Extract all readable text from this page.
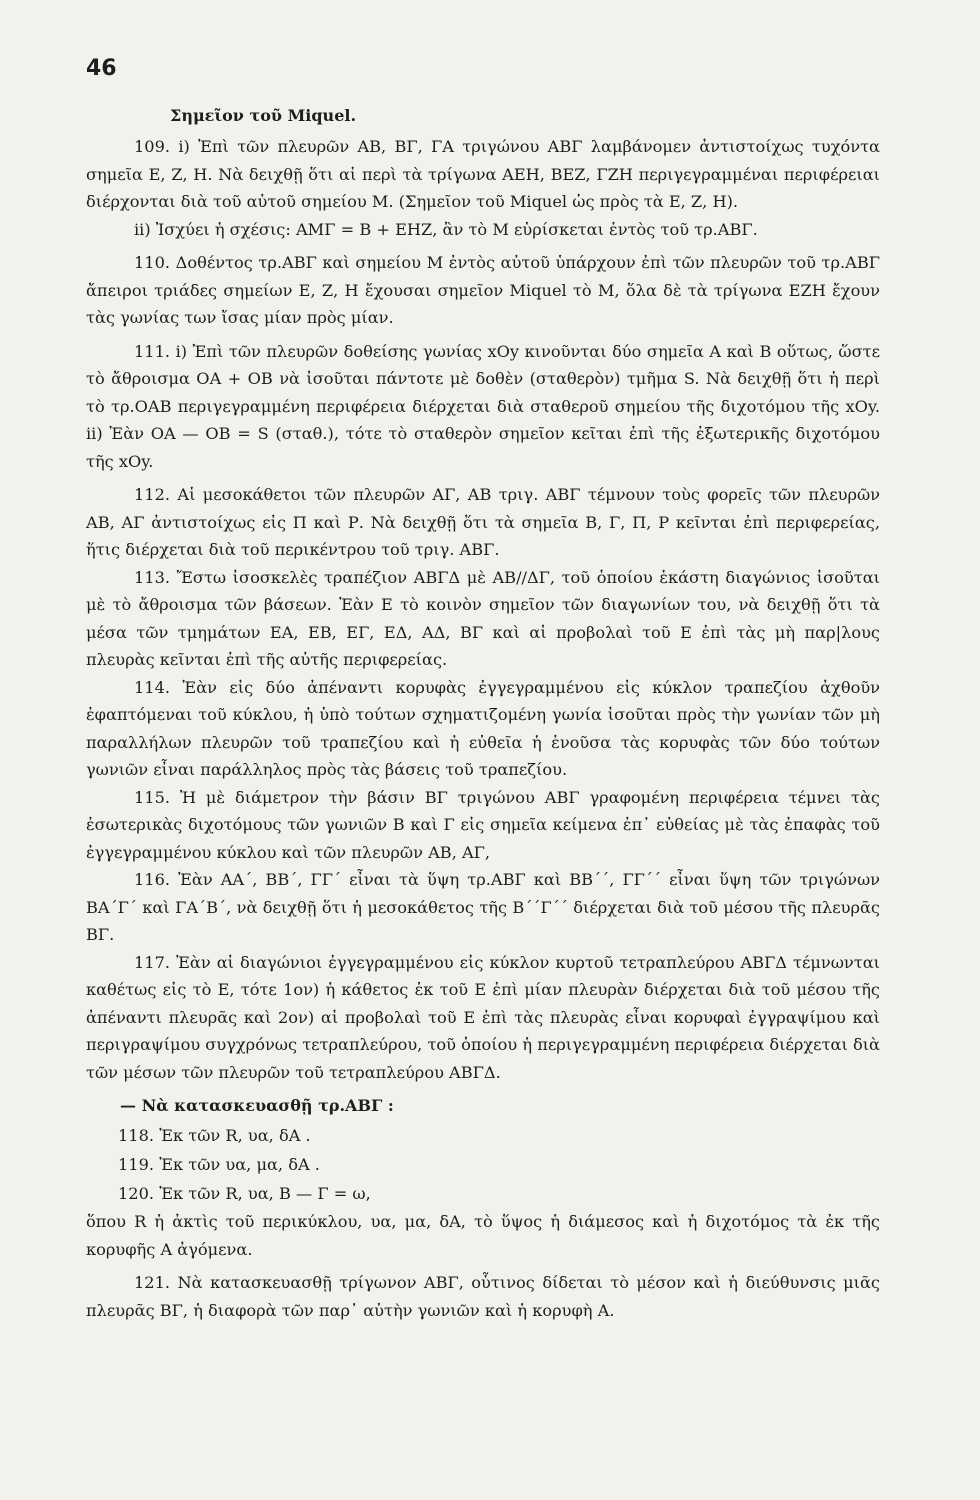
46
Σημεῖον τοῦ Miquel.

109. i) Ἐπὶ τῶν πλευρῶν ΑΒ, ΒΓ, ΓΑ τριγώνου ΑΒΓ λαμβάνομεν ἀντιστοίχως τυχόντα σημεῖα Ε, Ζ, Η. Νὰ δειχθῇ ὅτι αἱ περὶ τὰ τρίγωνα ΑΕΗ, ΒΕΖ, ΓΖΗ περιγεγραμμέναι περιφέρειαι διέρχονται διὰ τοῦ αὐτοῦ σημείου Μ. (Σημεῖον τοῦ Miquel ὡς πρὸς τὰ Ε, Ζ, Η).

ii) Ἰσχύει ἡ σχέσις: ΑΜΓ = Β + ΕΗΖ, ἂν τὸ Μ εὑρίσκεται ἐντὸς τοῦ τρ.ΑΒΓ.

110. Δοθέντος τρ.ΑΒΓ καὶ σημείου Μ ἐντὸς αὐτοῦ ὑπάρχουν ἐπὶ τῶν πλευρῶν τοῦ τρ.ΑΒΓ ἄπειροι τριάδες σημείων Ε, Ζ, Η ἔχουσαι σημεῖον Miquel τὸ Μ, ὅλα δὲ τὰ τρίγωνα ΕΖΗ ἔχουν τὰς γωνίας των ἴσας μίαν πρὸς μίαν.

111. i) Ἐπὶ τῶν πλευρῶν δοθείσης γωνίας xOy κινοῦνται δύο σημεῖα Α καὶ Β οὕτως, ὥστε τὸ ἄθροισμα ΟΑ + ΟΒ νὰ ἰσοῦται πάντοτε μὲ δοθὲν (σταθερὸν) τμῆμα S. Νὰ δειχθῇ ὅτι ἡ περὶ τὸ τρ.ΟΑΒ περιγεγραμμένη περιφέρεια διέρχεται διὰ σταθεροῦ σημείου τῆς διχοτόμου τῆς xOy. ii) Ἐὰν ΟΑ — ΟΒ = S (σταθ.), τότε τὸ σταθερὸν σημεῖον κεῖται ἐπὶ τῆς ἐξωτερικῆς διχοτόμου τῆς xOy.

112. Αἱ μεσοκάθετοι τῶν πλευρῶν ΑΓ, ΑΒ τριγ. ΑΒΓ τέμνουν τοὺς φορεῖς τῶν πλευρῶν ΑΒ, ΑΓ ἀντιστοίχως εἰς Π καὶ Ρ. Νὰ δειχθῇ ὅτι τὰ σημεῖα Β, Γ, Π, Ρ κεῖνται ἐπὶ περιφερείας, ἥτις διέρχεται διὰ τοῦ περικέντρου τοῦ τριγ. ΑΒΓ.

113. Ἔστω ἰσοσκελὲς τραπέζιον ΑΒΓΔ μὲ ΑΒ//ΔΓ, τοῦ ὁποίου ἑκάστη διαγώνιος ἰσοῦται μὲ τὸ ἄθροισμα τῶν βάσεων. Ἐὰν Ε τὸ κοινὸν σημεῖον τῶν διαγωνίων του, νὰ δειχθῇ ὅτι τὰ μέσα τῶν τμημάτων ΕΑ, ΕΒ, ΕΓ, ΕΔ, ΑΔ, ΒΓ καὶ αἱ προβολαὶ τοῦ Ε ἐπὶ τὰς μὴ παρ|λους πλευρὰς κεῖνται ἐπὶ τῆς αὐτῆς περιφερείας.

114. Ἐὰν εἰς δύο ἀπέναντι κορυφὰς ἐγγεγραμμένου εἰς κύκλον τραπεζίου ἀχθοῦν ἐφαπτόμεναι τοῦ κύκλου, ἡ ὑπὸ τούτων σχηματιζομένη γωνία ἰσοῦται πρὸς τὴν γωνίαν τῶν μὴ παραλλήλων πλευρῶν τοῦ τραπεζίου καὶ ἡ εὐθεῖα ἡ ἑνοῦσα τὰς κορυφὰς τῶν δύο τούτων γωνιῶν εἶναι παράλληλος πρὸς τὰς βάσεις τοῦ τραπεζίου.

115. Ἡ μὲ διάμετρον τὴν βάσιν ΒΓ τριγώνου ΑΒΓ γραφομένη περιφέρεια τέμνει τὰς ἐσωτερικὰς διχοτόμους τῶν γωνιῶν Β καὶ Γ εἰς σημεῖα κείμενα ἐπ᾽ εὐθείας μὲ τὰς ἐπαφὰς τοῦ ἐγγεγραμμένου κύκλου καὶ τῶν πλευρῶν ΑΒ, ΑΓ,

116. Ἐὰν ΑΑ΄, ΒΒ΄, ΓΓ΄ εἶναι τὰ ὕψη τρ.ΑΒΓ καὶ ΒΒ΄΄, ΓΓ΄΄ εἶναι ὕψη τῶν τριγώνων ΒΑ΄Γ΄ καὶ ΓΑ΄Β΄, νὰ δειχθῇ ὅτι ἡ μεσοκάθετος τῆς Β΄΄Γ΄΄ διέρχεται διὰ τοῦ μέσου τῆς πλευρᾶς ΒΓ.

117. Ἐὰν αἱ διαγώνιοι ἐγγεγραμμένου εἰς κύκλον κυρτοῦ τετραπλεύρου ΑΒΓΔ τέμνωνται καθέτως εἰς τὸ Ε, τότε 1ον) ἡ κάθετος ἐκ τοῦ Ε ἐπὶ μίαν πλευρὰν διέρχεται διὰ τοῦ μέσου τῆς ἀπέναντι πλευρᾶς καὶ 2ον) αἱ προβολαὶ τοῦ Ε ἐπὶ τὰς πλευρὰς εἶναι κορυφαὶ ἐγγραψίμου καὶ περιγραψίμου συγχρόνως τετραπλεύρου, τοῦ ὁποίου ἡ περιγεγραμμένη περιφέρεια διέρχεται διὰ τῶν μέσων τῶν πλευρῶν τοῦ τετραπλεύρου ΑΒΓΔ.

— Νὰ κατασκευασθῇ τρ.ΑΒΓ :

118. Ἐκ τῶν R, υα, δA .

119. Ἐκ τῶν υα, μα, δA .

120. Ἐκ τῶν R, υα, Β — Γ = ω,

ὅπου R ἡ ἀκτὶς τοῦ περικύκλου, υα, μα, δA, τὸ ὕψος ἡ διάμεσος καὶ ἡ διχοτόμος τὰ ἐκ τῆς κορυφῆς Α ἀγόμενα.

121. Νὰ κατασκευασθῇ τρίγωνον ΑΒΓ, οὗτινος δίδεται τὸ μέσον καὶ ἡ διεύθυνσις μιᾶς πλευρᾶς ΒΓ, ἡ διαφορὰ τῶν παρ᾽ αὐτὴν γωνιῶν καὶ ἡ κορυφὴ Α.
